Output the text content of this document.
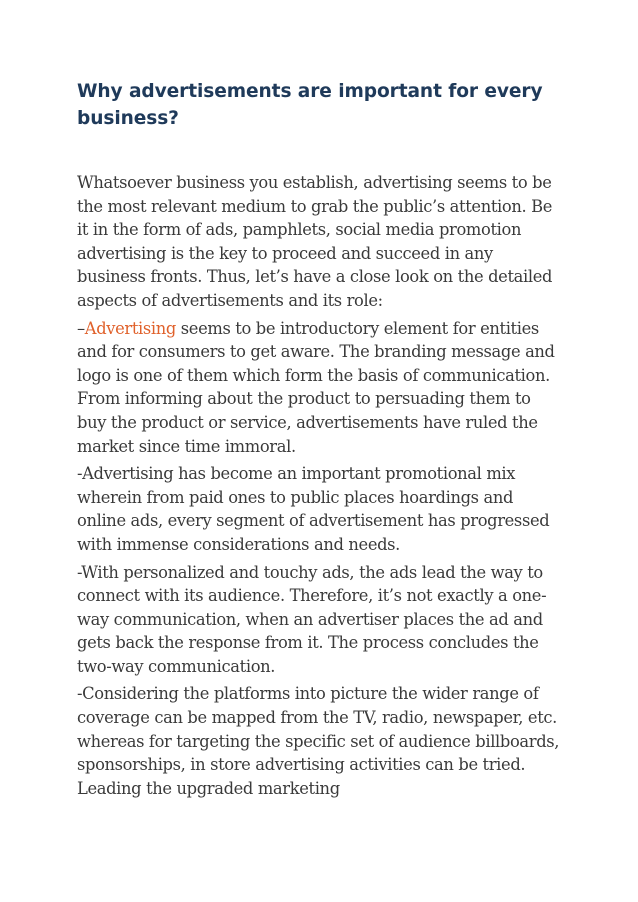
Why advertisements are important for every business?

Whatsoever business you establish, advertising seems to be the most relevant medium to grab the public’s attention. Be it in the form of ads, pamphlets, social media promotion advertising is the key to proceed and succeed in any business fronts. Thus, let’s have a close look on the detailed aspects of advertisements and its role:

–Advertising seems to be introductory element for entities and for consumers to get aware. The branding message and logo is one of them which form the basis of communication. From informing about the product to persuading them to buy the product or service, advertisements have ruled the market since time immoral.

-Advertising has become an important promotional mix wherein from paid ones to public places hoardings and online ads, every segment of advertisement has progressed with immense considerations and needs.

-With personalized and touchy ads, the ads lead the way to connect with its audience. Therefore, it’s not exactly a one-way communication, when an advertiser places the ad and gets back the response from it. The process concludes the two-way communication.

-Considering the platforms into picture the wider range of coverage can be mapped from the TV, radio, newspaper, etc. whereas for targeting the specific set of audience billboards, sponsorships, in store advertising activities can be tried. Leading the upgraded marketing
